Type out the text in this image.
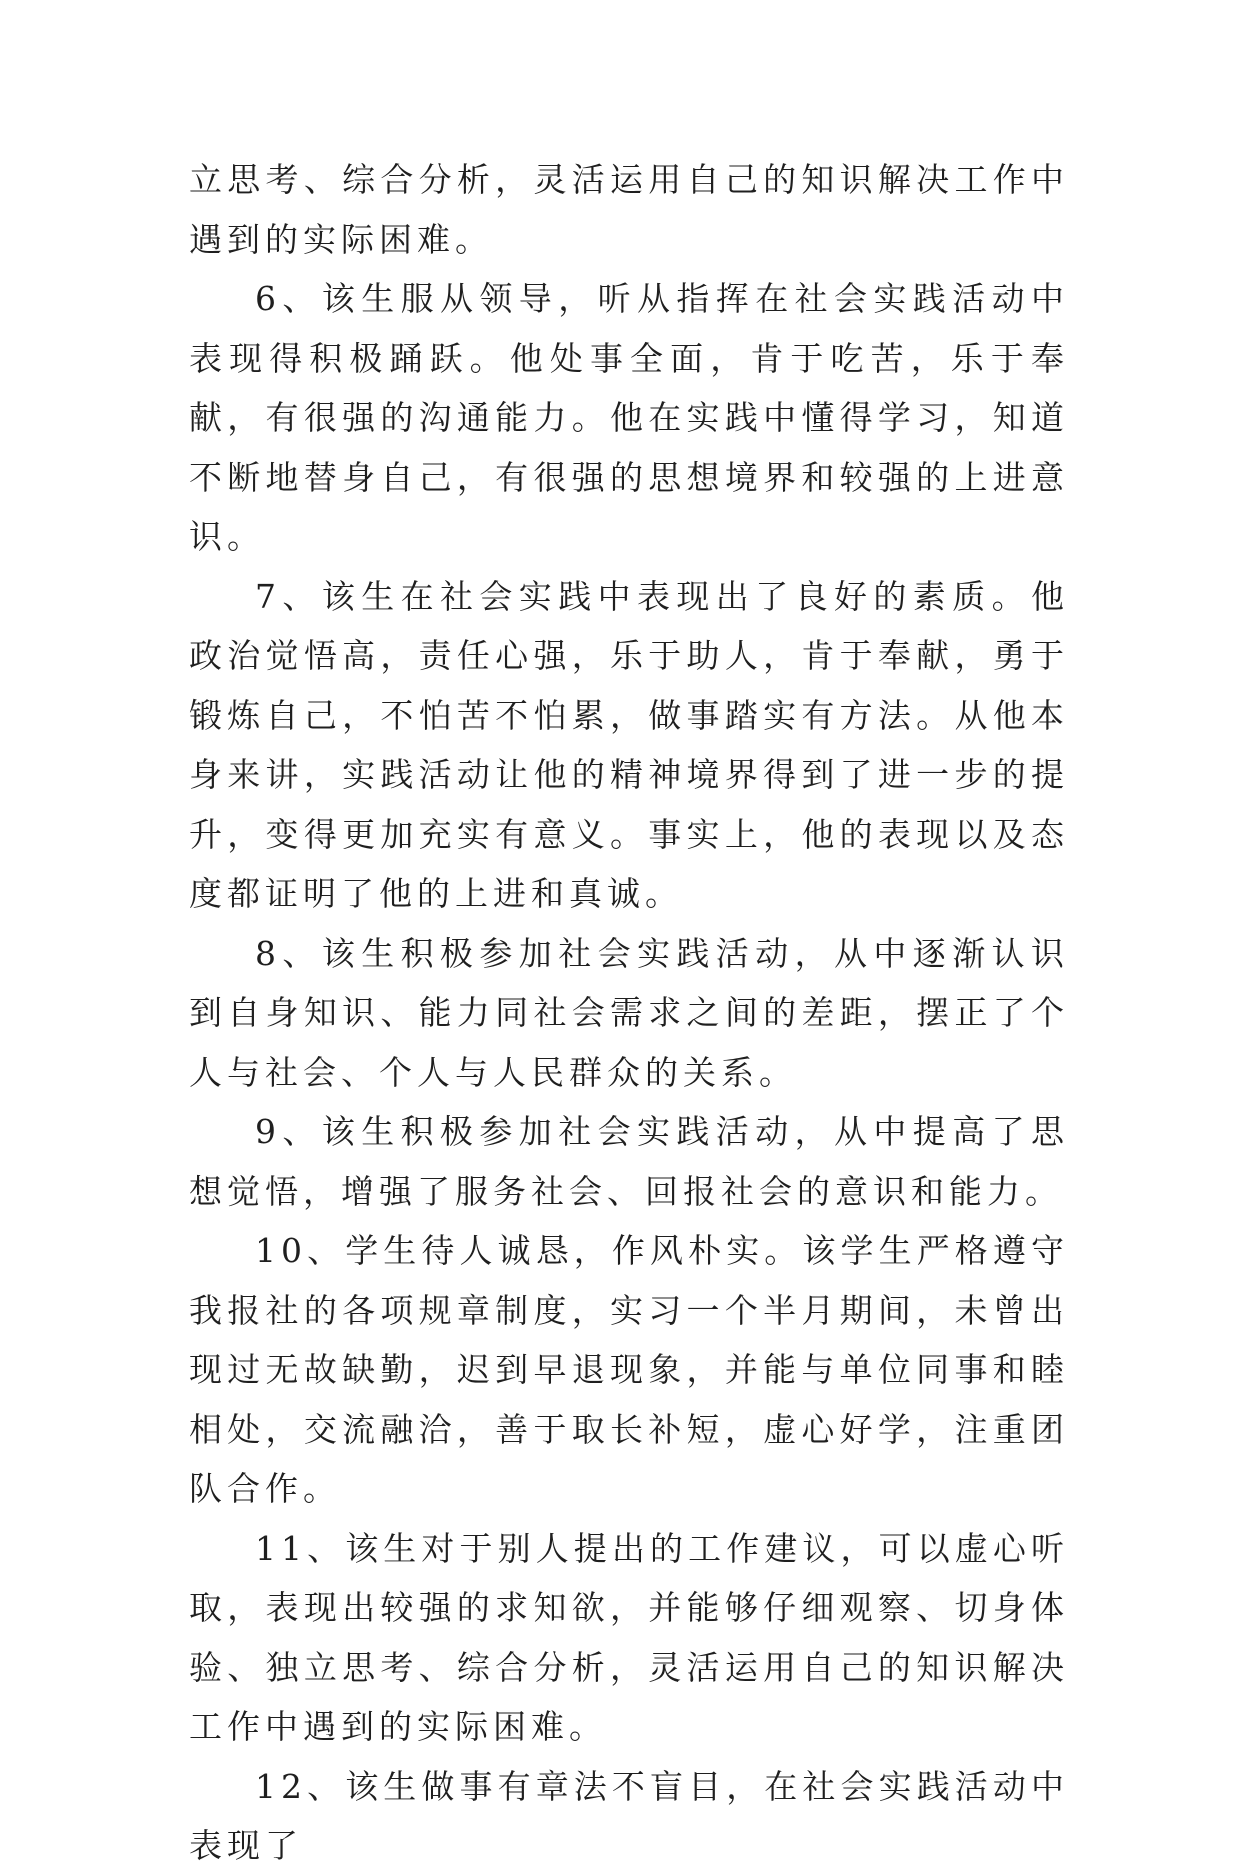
立思考、综合分析，灵活运用自己的知识解决工作中遇到的实际困难。

6、该生服从领导，听从指挥在社会实践活动中表现得积极踊跃。他处事全面，肯于吃苦，乐于奉献，有很强的沟通能力。他在实践中懂得学习，知道不断地替身自己，有很强的思想境界和较强的上进意识。

7、该生在社会实践中表现出了良好的素质。他政治觉悟高，责任心强，乐于助人，肯于奉献，勇于锻炼自己，不怕苦不怕累，做事踏实有方法。从他本身来讲，实践活动让他的精神境界得到了进一步的提升，变得更加充实有意义。事实上，他的表现以及态度都证明了他的上进和真诚。

8、该生积极参加社会实践活动，从中逐渐认识到自身知识、能力同社会需求之间的差距，摆正了个人与社会、个人与人民群众的关系。

9、该生积极参加社会实践活动，从中提高了思想觉悟，增强了服务社会、回报社会的意识和能力。

10、学生待人诚恳，作风朴实。该学生严格遵守我报社的各项规章制度，实习一个半月期间，未曾出现过无故缺勤，迟到早退现象，并能与单位同事和睦相处，交流融洽，善于取长补短，虚心好学，注重团队合作。

11、该生对于别人提出的工作建议，可以虚心听取，表现出较强的求知欲，并能够仔细观察、切身体验、独立思考、综合分析，灵活运用自己的知识解决工作中遇到的实际困难。

12、该生做事有章法不盲目，在社会实践活动中表现了
